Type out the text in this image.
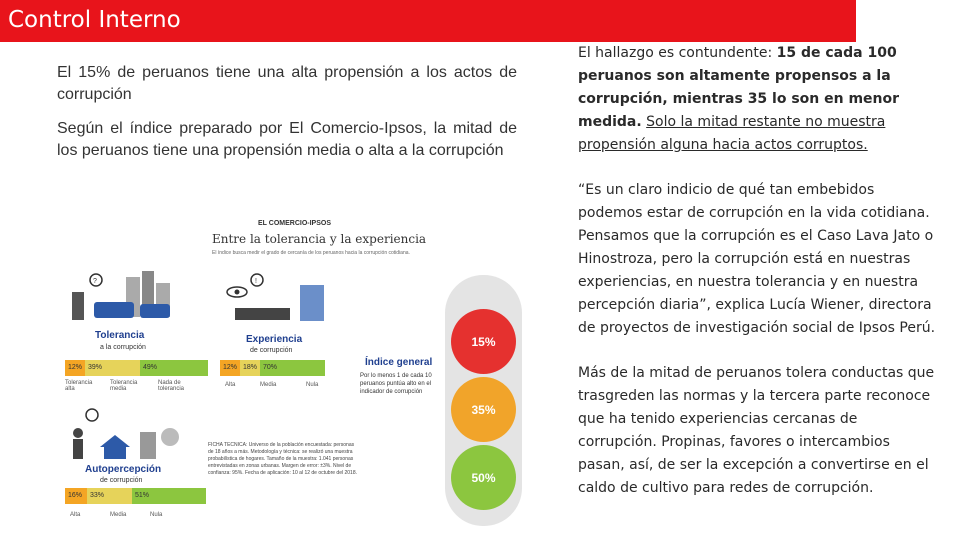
Control Interno

El 15% de peruanos tiene una alta propensión a los actos de corrupción

Según el índice preparado por El Comercio-Ipsos, la mitad de los peruanos tiene una propensión media o alta a la corrupción

El hallazgo es contundente: 15 de cada 100 peruanos son altamente propensos a la corrupción, mientras 35 lo son en menor medida. Solo la mitad restante no muestra propensión alguna hacia actos corruptos.

“Es un claro indicio de qué tan embebidos podemos estar de corrupción en la vida cotidiana. Pensamos que la corrupción es el Caso Lava Jato o Hinostroza, pero la corrupción está en nuestras experiencias, en nuestra tolerancia y en nuestra percepción diaria”, explica Lucía Wiener, directora de proyectos de investigación social de Ipsos Perú.

Más de la mitad de peruanos tolera conductas que trasgreden las normas y la tercera parte reconoce que ha tenido experiencias cercanas de corrupción. Propinas, favores o intercambios pasan, así, de ser la excepción a convertirse en el caldo de cultivo para redes de corrupción.

EL COMERCIO-IPSOS
Entre la tolerancia y la experiencia
El índice busca medir el grado de cercanía de los peruanos hacia la corrupción cotidiana.
?
Tolerancia
a la corrupción
12% 39%	49%
Tolerancia alta
Tolerancia media
Nada de tolerancia
!
Experiencia
de corrupción
12% 18% 70%
Alta	Media	Nula
Índice general
Por lo menos 1 de cada 10 peruanos puntúa alto en el indicador de corrupción
Autopercepción
de corrupción
16%	33%	51%
Alta	Media	Nula
FICHA TÉCNICA: Universo de la población encuestada: personas de 18 años a más. Metodología y técnica: se realizó una muestra probabilística de hogares. Tamaño de la muestra: 1.041 personas entrevistadas en zonas urbanas. Margen de error: ±3%. Nivel de confianza: 95%. Fecha de aplicación: 10 al 12 de octubre del 2018.
15%
35%
50%
